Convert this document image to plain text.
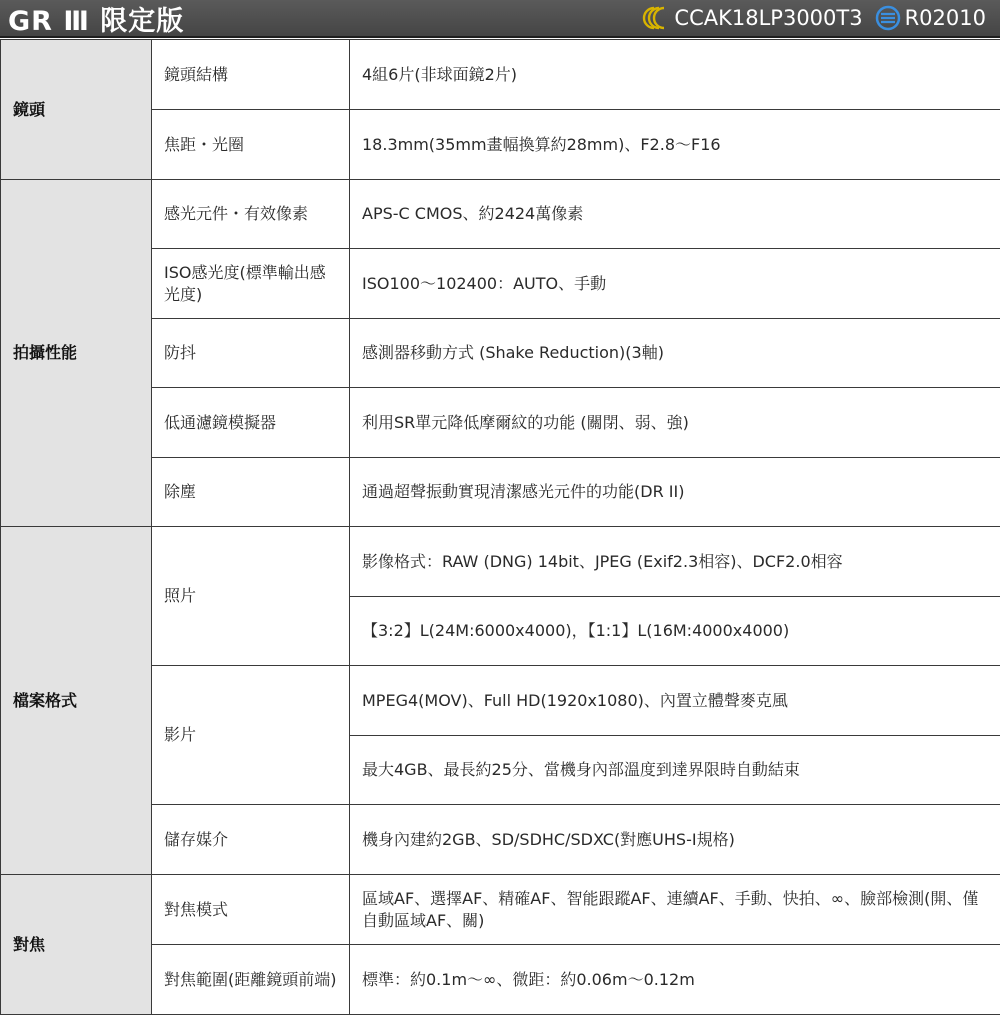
GR Ⅲ 限定版	CCAK18LP3000T3 R02010
鏡頭	鏡頭結構	4組6片(非球面鏡2片)
	焦距・光圈	18.3mm(35mm畫幅換算約28mm)、F2.8～F16
拍攝性能	感光元件・有效像素	APS-C CMOS、約2424萬像素
	ISO感光度(標準輸出感光度)	ISO100～102400：AUTO、手動
	防抖	感測器移動方式 (Shake Reduction)(3軸)
	低通濾鏡模擬器	利用SR單元降低摩爾紋的功能 (關閉、弱、強)
	除塵	通過超聲振動實現清潔感光元件的功能(DR II)
檔案格式	照片	影像格式：RAW (DNG) 14bit、JPEG (Exif2.3相容)、DCF2.0相容
		【3:2】L(24M:6000x4000)，【1:1】L(16M:4000x4000)
	影片	MPEG4(MOV)、Full HD(1920x1080)、內置立體聲麥克風
		最大4GB、最長約25分、當機身內部溫度到達界限時自動結束
	儲存媒介	機身內建約2GB、SD/SDHC/SDXC(對應UHS-I規格)
對焦	對焦模式	區域AF、選擇AF、精確AF、智能跟蹤AF、連續AF、手動、快拍、∞、臉部檢測(開、僅自動區域AF、關)
	對焦範圍(距離鏡頭前端)	標準：約0.1m～∞、微距：約0.06m～0.12m
